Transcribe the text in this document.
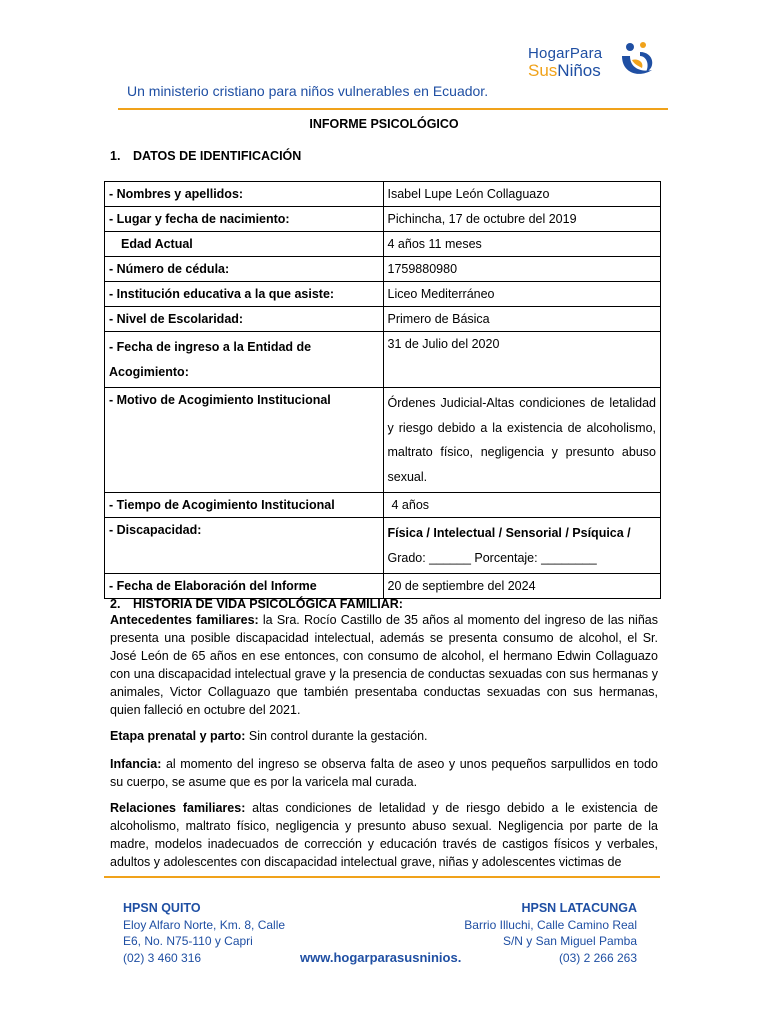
HogarPara
SusNiños
Un ministerio cristiano para niños vulnerables en Ecuador.
INFORME PSICOLÓGICO
1. DATOS DE IDENTIFICACIÓN
- Nombres y apellidos:	Isabel Lupe León Collaguazo
- Lugar y fecha de nacimiento:	Pichincha, 17 de octubre del 2019
Edad Actual	4 años 11 meses
- Número de cédula:	1759880980
- Institución educativa a la que asiste:	Liceo Mediterráneo
- Nivel de Escolaridad:	Primero de Básica
- Fecha de ingreso a la Entidad de Acogimiento:	31 de Julio del 2020
- Motivo de Acogimiento Institucional	Órdenes Judicial-Altas condiciones de letalidad y riesgo debido a la existencia de alcoholismo, maltrato físico, negligencia y presunto abuso sexual.
- Tiempo de Acogimiento Institucional	4 años
- Discapacidad:	Física / Intelectual / Sensorial / Psíquica /
Grado: ______ Porcentaje: ________

- Fecha de Elaboración del Informe	20 de septiembre del 2024
2. HISTORIA DE VIDA PSICOLÓGICA FAMILIAR:
Antecedentes familiares: la Sra. Rocío Castillo de 35 años al momento del ingreso de las niñas presenta una posible discapacidad intelectual, además se presenta consumo de alcohol, el Sr. José León de 65 años en ese entonces, con consumo de alcohol, el hermano Edwin Collaguazo con una discapacidad intelectual grave y la presencia de conductas sexuadas con sus hermanas y animales, Victor Collaguazo que también presentaba conductas sexuadas con sus hermanas, quien falleció en octubre del 2021.
Etapa prenatal y parto: Sin control durante la gestación.
Infancia: al momento del ingreso se observa falta de aseo y unos pequeños sarpullidos en todo su cuerpo, se asume que es por la varicela mal curada.
Relaciones familiares: altas condiciones de letalidad y de riesgo debido a le existencia de alcoholismo, maltrato físico, negligencia y presunto abuso sexual. Negligencia por parte de la madre, modelos inadecuados de corrección y educación través de castigos físicos y verbales, adultos y adolescentes con discapacidad intelectual grave, niñas y adolescentes victimas de
HPSN QUITO
Eloy Alfaro Norte, Km. 8, Calle
E6, No. N75-110 y Capri
(02) 3 460 316	www.hogarparasusninios.
HPSN LATACUNGA
Barrio Illuchi, Calle Camino Real
S/N y San Miguel Pamba
(03) 2 266 263
